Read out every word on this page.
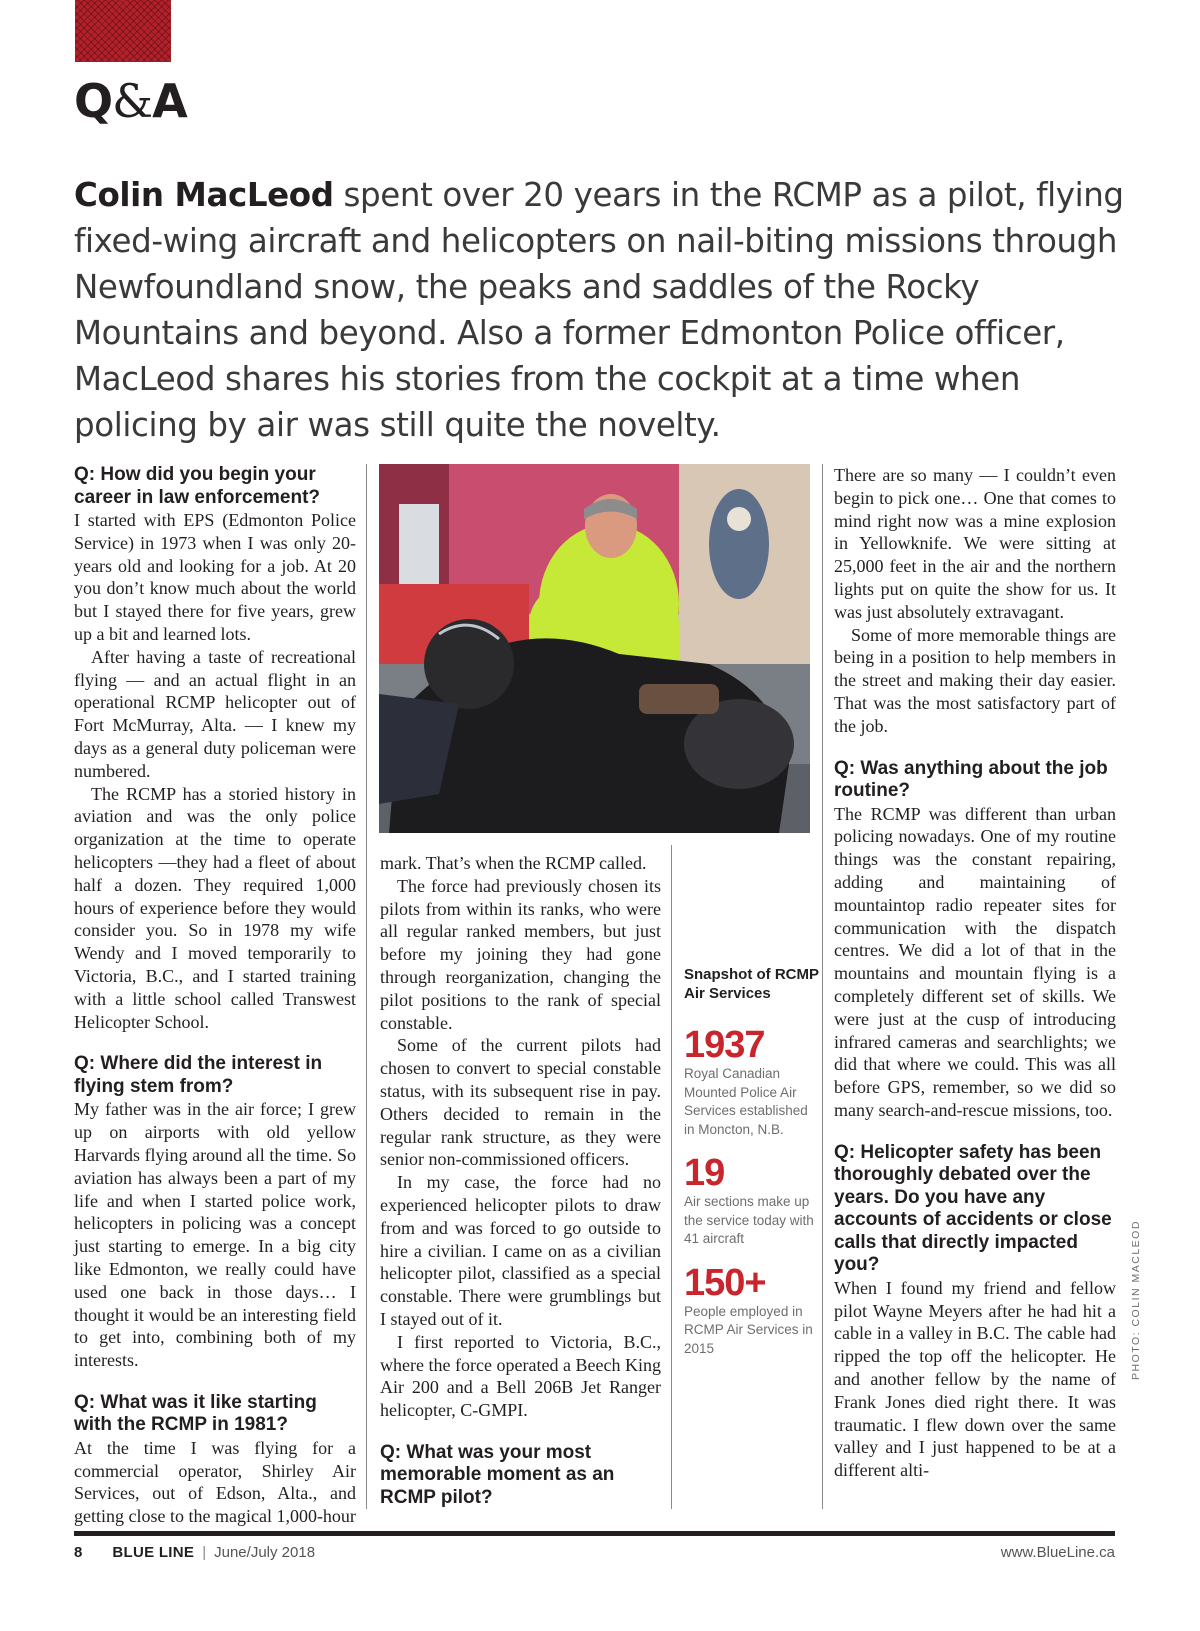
Q&A
Colin MacLeod spent over 20 years in the RCMP as a pilot, flying fixed-wing aircraft and helicopters on nail-biting missions through Newfoundland snow, the peaks and saddles of the Rocky Mountains and beyond. Also a former Edmonton Police officer, MacLeod shares his stories from the cockpit at a time when policing by air was still quite the novelty.
Q: How did you begin your career in law enforcement?

I started with EPS (Edmonton Police Service) in 1973 when I was only 20-years old and looking for a job. At 20 you don’t know much about the world but I stayed there for five years, grew up a bit and learned lots.

After having a taste of recreational flying — and an actual flight in an operational RCMP helicopter out of Fort McMurray, Alta. — I knew my days as a general duty policeman were numbered.

The RCMP has a storied history in aviation and was the only police organization at the time to operate helicopters —they had a fleet of about half a dozen. They required 1,000 hours of experience before they would consider you. So in 1978 my wife Wendy and I moved temporarily to Victoria, B.C., and I started training with a little school called Transwest Helicopter School.

Q: Where did the interest in flying stem from?

My father was in the air force; I grew up on airports with old yellow Harvards flying around all the time. So aviation has always been a part of my life and when I started police work, helicopters in policing was a concept just starting to emerge. In a big city like Edmonton, we really could have used one back in those days… I thought it would be an interesting field to get into, combining both of my interests.

Q: What was it like starting with the RCMP in 1981?

At the time I was flying for a commercial operator, Shirley Air Services, out of Edson, Alta., and getting close to the magical 1,000-hour

mark. That’s when the RCMP called.

The force had previously chosen its pilots from within its ranks, who were all regular ranked members, but just before my joining they had gone through reorganization, changing the pilot positions to the rank of special constable.

Some of the current pilots had chosen to convert to special constable status, with its subsequent rise in pay. Others decided to remain in the regular rank structure, as they were senior non-commissioned officers.

In my case, the force had no experienced helicopter pilots to draw from and was forced to go outside to hire a civilian. I came on as a civilian helicopter pilot, classified as a special constable. There were grumblings but I stayed out of it.

I first reported to Victoria, B.C., where the force operated a Beech King Air 200 and a Bell 206B Jet Ranger helicopter, C-GMPI.

Q: What was your most memorable moment as an RCMP pilot?
Snapshot of RCMP Air Services
1937
Royal Canadian Mounted Police Air Services established in Moncton, N.B.
19
Air sections make up the service today with 41 aircraft
150+
People employed in RCMP Air Services in 2015

There are so many — I couldn’t even begin to pick one… One that comes to mind right now was a mine explosion in Yellowknife. We were sitting at 25,000 feet in the air and the northern lights put on quite the show for us. It was just absolutely extravagant.

Some of more memorable things are being in a position to help members in the street and making their day easier. That was the most satisfactory part of the job.

Q: Was anything about the job routine?

The RCMP was different than urban policing nowadays. One of my routine things was the constant repairing, adding and maintaining of mountaintop radio repeater sites for communication with the dispatch centres. We did a lot of that in the mountains and mountain flying is a completely different set of skills. We were just at the cusp of introducing infrared cameras and searchlights; we did that where we could. This was all before GPS, remember, so we did so many search-and-rescue missions, too.

Q: Helicopter safety has been thoroughly debated over the years. Do you have any accounts of accidents or close calls that directly impacted you?

When I found my friend and fellow pilot Wayne Meyers after he had hit a cable in a valley in B.C. The cable had ripped the top off the helicopter. He and another fellow by the name of Frank Jones died right there. It was traumatic. I flew down over the same valley and I just happened to be at a different alti-

PHOTO: COLIN MACLEOD
8 BLUE LINE | June/July 2018	www.BlueLine.ca
